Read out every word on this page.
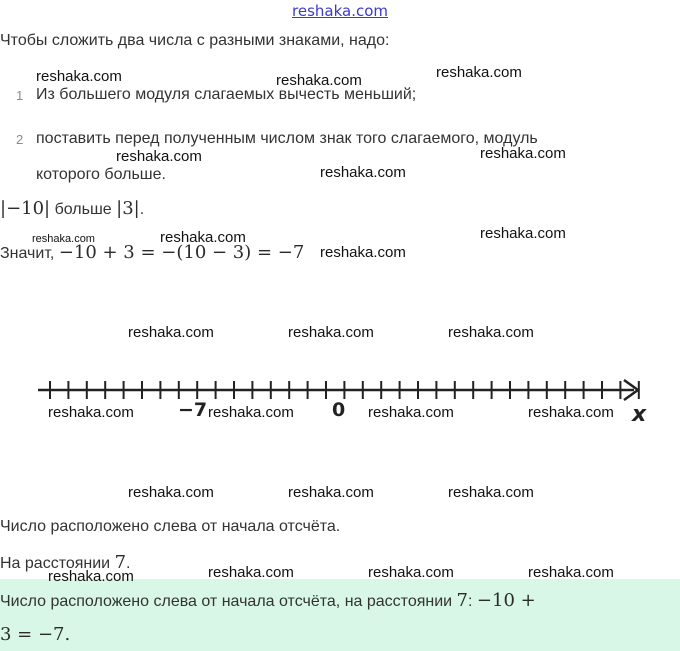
reshaka.com
Чтобы сложить два числа с разными знаками, надо:
1 Из большего модуля слагаемых вычесть меньший;
2 поставить перед полученным числом знак того слагаемого, модуль
которого больше.
|−10| больше |3|.
Значит, −10 + 3 = −(10 − 3) = −7
−7	0	x
Число расположено слева от начала отсчёта.
На расстоянии 7.
Число расположено слева от начала отсчёта, на расстоянии 7: −10 +
3 = −7.
reshaka.com	reshaka.com	reshaka.com
reshaka.com	reshaka.com
reshaka.com
reshaka.com	reshaka.com	reshaka.com
reshaka.com
reshaka.com	reshaka.com	reshaka.com
reshaka.com	reshaka.com	reshaka.com	reshaka.com
reshaka.com	reshaka.com	reshaka.com
reshaka.com	reshaka.com	reshaka.com	reshaka.com
